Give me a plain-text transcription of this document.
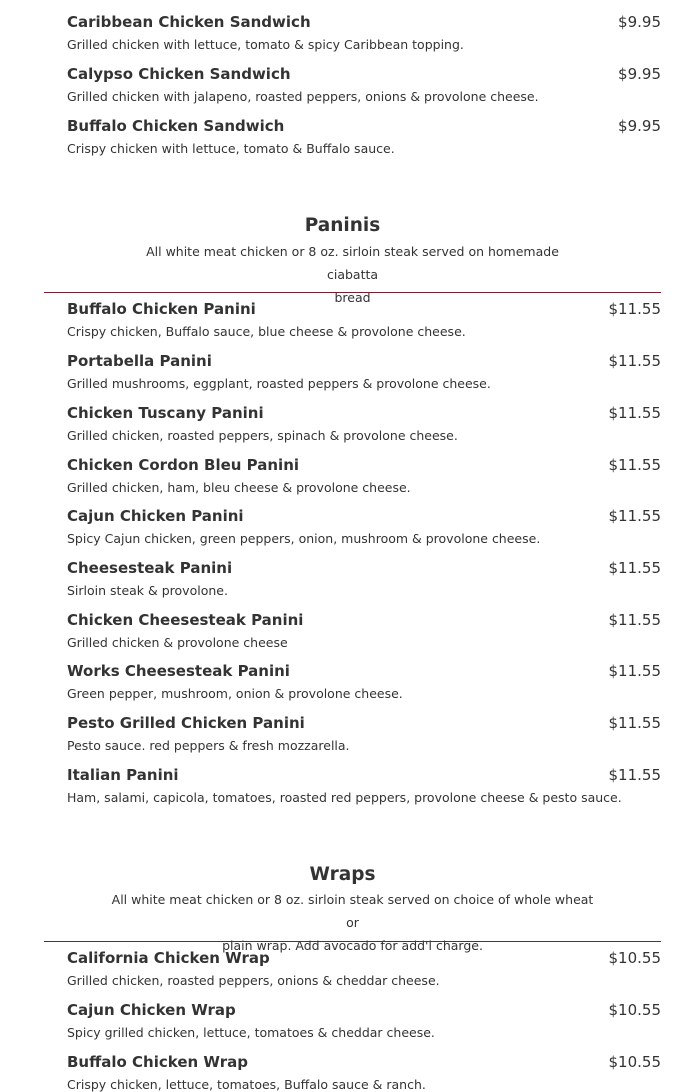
Caribbean Chicken Sandwich	$9.95
Grilled chicken with lettuce, tomato & spicy Caribbean topping.
Calypso Chicken Sandwich	$9.95
Grilled chicken with jalapeno, roasted peppers, onions & provolone cheese.
Buffalo Chicken Sandwich	$9.95
Crispy chicken with lettuce, tomato & Buffalo sauce.
Paninis
All white meat chicken or 8 oz. sirloin steak served on homemade ciabatta
bread
Buffalo Chicken Panini	$11.55
Crispy chicken, Buffalo sauce, blue cheese & provolone cheese.
Portabella Panini	$11.55
Grilled mushrooms, eggplant, roasted peppers & provolone cheese.
Chicken Tuscany Panini	$11.55
Grilled chicken, roasted peppers, spinach & provolone cheese.
Chicken Cordon Bleu Panini	$11.55
Grilled chicken, ham, bleu cheese & provolone cheese.
Cajun Chicken Panini	$11.55
Spicy Cajun chicken, green peppers, onion, mushroom & provolone cheese.
Cheesesteak Panini	$11.55
Sirloin steak & provolone.
Chicken Cheesesteak Panini	$11.55
Grilled chicken & provolone cheese
Works Cheesesteak Panini	$11.55
Green pepper, mushroom, onion & provolone cheese.
Pesto Grilled Chicken Panini	$11.55
Pesto sauce. red peppers & fresh mozzarella.
Italian Panini	$11.55
Ham, salami, capicola, tomatoes, roasted red peppers, provolone cheese & pesto sauce.
Wraps
All white meat chicken or 8 oz. sirloin steak served on choice of whole wheat or
plain wrap. Add avocado for add'l charge.
California Chicken Wrap	$10.55
Grilled chicken, roasted peppers, onions & cheddar cheese.
Cajun Chicken Wrap	$10.55
Spicy grilled chicken, lettuce, tomatoes & cheddar cheese.
Buffalo Chicken Wrap	$10.55
Crispy chicken, lettuce, tomatoes, Buffalo sauce & ranch.
